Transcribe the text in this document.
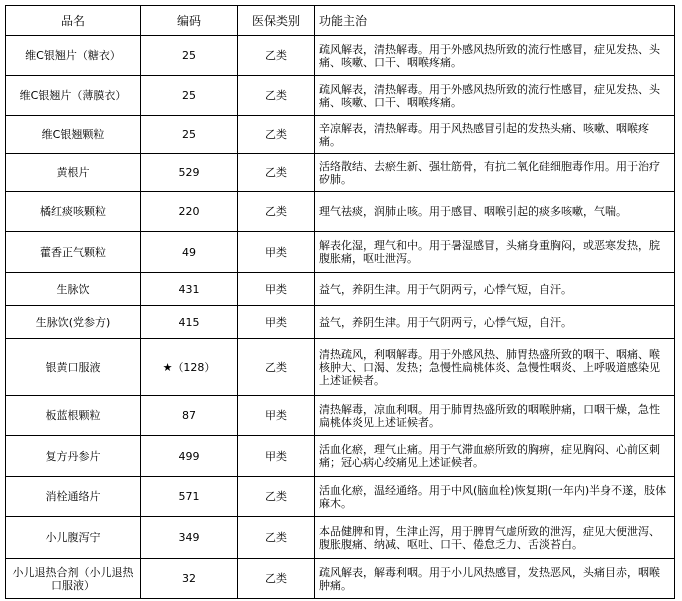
品名	编码	医保类别	功能主治
维C银翘片（糖衣）	25	乙类	疏风解表，清热解毒。用于外感风热所致的流行性感冒，症见发热、头痛、咳嗽、口干、咽喉疼痛。

维C银翘片（薄膜衣）	25	乙类	疏风解表，清热解毒。用于外感风热所致的流行性感冒，症见发热、头痛、咳嗽、口干、咽喉疼痛。

维C银翘颗粒	25	乙类	辛凉解表，清热解毒。用于风热感冒引起的发热头痛、咳嗽、咽喉疼痛。

黄根片	529	乙类	活络散结、去瘀生新、强壮筋骨，有抗二氧化硅细胞毒作用。用于治疗矽肺。

橘红痰咳颗粒	220	乙类	理气祛痰，润肺止咳。用于感冒、咽喉引起的痰多咳嗽，气喘。

藿香正气颗粒	49	甲类	解表化湿，理气和中。用于暑湿感冒，头痛身重胸闷，或恶寒发热，脘腹胀痛，呕吐泄泻。

生脉饮	431	甲类	益气，养阴生津。用于气阴两亏，心悸气短，自汗。

生脉饮(党参方)	415	甲类	益气，养阴生津。用于气阴两亏，心悸气短，自汗。

银黄口服液	★（128）	乙类	清热疏风，利咽解毒。用于外感风热、肺胃热盛所致的咽干、咽痛、喉核肿大、口渴、发热；急慢性扁桃体炎、急慢性咽炎、上呼吸道感染见上述证候者。

板蓝根颗粒	87	甲类	清热解毒，凉血利咽。用于肺胃热盛所致的咽喉肿痛，口咽干燥，急性扁桃体炎见上述证候者。

复方丹参片	499	甲类	活血化瘀，理气止痛。用于气滞血瘀所致的胸痹，症见胸闷、心前区刺痛；冠心病心绞痛见上述证候者。

消栓通络片	571	乙类	活血化瘀，温经通络。用于中风(脑血栓)恢复期(一年内)半身不遂，肢体麻木。

小儿腹泻宁	349	乙类	本品健脾和胃，生津止泻，用于脾胃气虚所致的泄泻，症见大便泄泻、腹胀腹痛、纳减、呕吐、口干、倦怠乏力、舌淡苔白。

小儿退热合剂（小儿退热口服液）	32	乙类	疏风解表，解毒利咽。用于小儿风热感冒，发热恶风，头痛目赤，咽喉肿痛。
